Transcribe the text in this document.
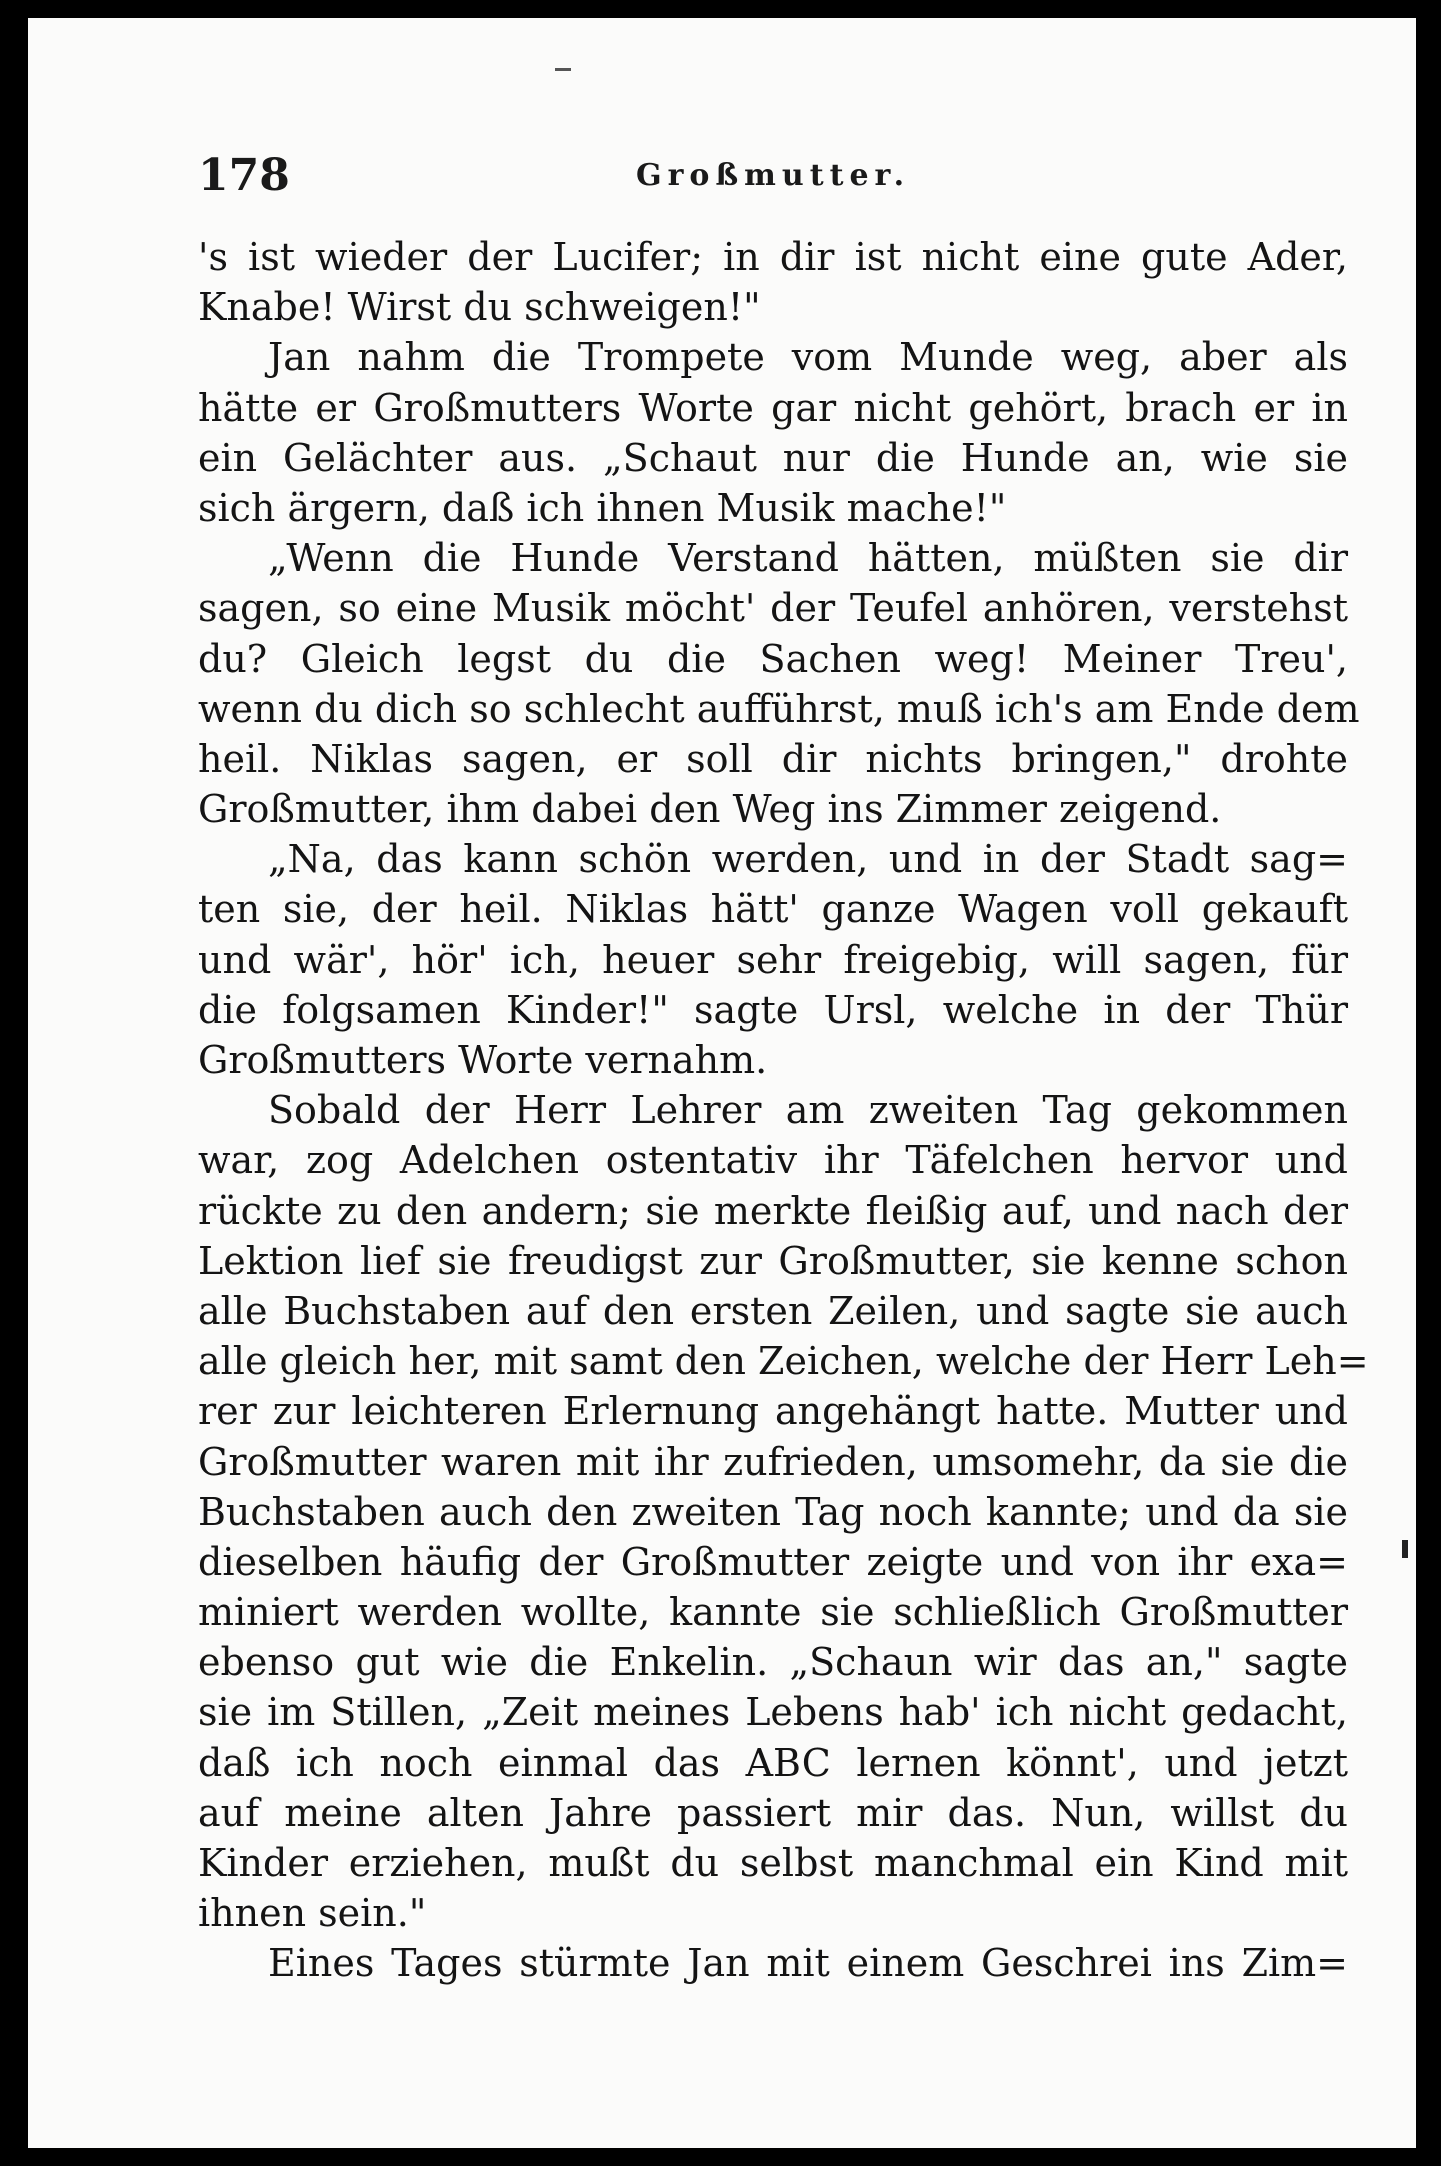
178	Großmutter.
's ist wieder der Lucifer; in dir ist nicht eine gute Ader,
Knabe! Wirst du schweigen!"
Jan nahm die Trompete vom Munde weg, aber als
hätte er Großmutters Worte gar nicht gehört, brach er in
ein Gelächter aus. „Schaut nur die Hunde an, wie sie
sich ärgern, daß ich ihnen Musik mache!"
„Wenn die Hunde Verstand hätten, müßten sie dir
sagen, so eine Musik möcht' der Teufel anhören, verstehst
du? Gleich legst du die Sachen weg! Meiner Treu',
wenn du dich so schlecht aufführst, muß ich's am Ende dem
heil. Niklas sagen, er soll dir nichts bringen," drohte
Großmutter, ihm dabei den Weg ins Zimmer zeigend.
„Na, das kann schön werden, und in der Stadt sag=
ten sie, der heil. Niklas hätt' ganze Wagen voll gekauft
und wär', hör' ich, heuer sehr freigebig, will sagen, für
die folgsamen Kinder!" sagte Ursl, welche in der Thür
Großmutters Worte vernahm.
Sobald der Herr Lehrer am zweiten Tag gekommen
war, zog Adelchen ostentativ ihr Täfelchen hervor und
rückte zu den andern; sie merkte fleißig auf, und nach der
Lektion lief sie freudigst zur Großmutter, sie kenne schon
alle Buchstaben auf den ersten Zeilen, und sagte sie auch
alle gleich her, mit samt den Zeichen, welche der Herr Leh=
rer zur leichteren Erlernung angehängt hatte. Mutter und
Großmutter waren mit ihr zufrieden, umsomehr, da sie die
Buchstaben auch den zweiten Tag noch kannte; und da sie
dieselben häufig der Großmutter zeigte und von ihr exa=
miniert werden wollte, kannte sie schließlich Großmutter
ebenso gut wie die Enkelin. „Schaun wir das an," sagte
sie im Stillen, „Zeit meines Lebens hab' ich nicht gedacht,
daß ich noch einmal das ABC lernen könnt', und jetzt
auf meine alten Jahre passiert mir das. Nun, willst du
Kinder erziehen, mußt du selbst manchmal ein Kind mit
ihnen sein."
Eines Tages stürmte Jan mit einem Geschrei ins Zim=
